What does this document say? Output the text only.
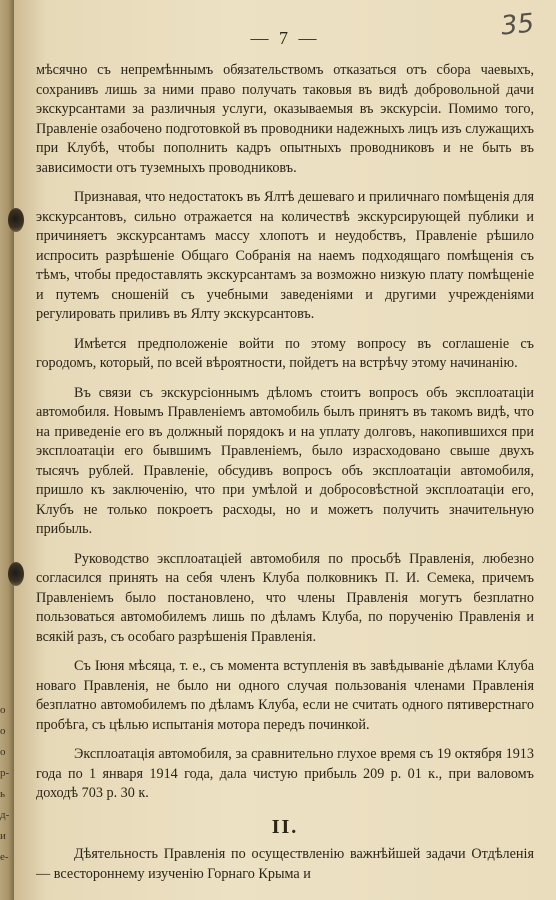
о
о
о
р-
ь
д-
и
е-
— 7 —	35

мѣсячно съ непремѣннымъ обязательствомъ отказаться отъ сбора чаевыхъ, сохранивъ лишь за ними право получать таковыя въ видѣ добровольной дачи экскурсантами за различныя услуги, оказываемыя въ экскурсіи. Помимо того, Правленіе озабочено подготовкой въ проводники надежныхъ лицъ изъ служащихъ при Клубѣ, чтобы пополнить кадръ опытныхъ проводниковъ и не быть въ зависимости отъ туземныхъ проводниковъ.

Признавая, что недостатокъ въ Ялтѣ дешеваго и приличнаго помѣщенія для экскурсантовъ, сильно отражается на количествѣ экскурсирующей публики и причиняетъ экскурсантамъ массу хлопотъ и неудобствъ, Правленіе рѣшило испросить разрѣшеніе Общаго Собранія на наемъ подходящаго помѣщенія съ тѣмъ, чтобы предоставлять экскурсантамъ за возможно низкую плату помѣщеніе и путемъ сношеній съ учебными заведеніями и другими учрежденіями регулировать приливъ въ Ялту экскурсантовъ.

Имѣется предположеніе войти по этому вопросу въ соглашеніе съ городомъ, который, по всей вѣроятности, пойдетъ на встрѣчу этому начинанію.

Въ связи съ экскурсіоннымъ дѣломъ стоитъ вопросъ объ эксплоатаціи автомобиля. Новымъ Правленіемъ автомобиль былъ принятъ въ такомъ видѣ, что на приведеніе его въ должный порядокъ и на уплату долговъ, накопившихся при эксплоатаціи его бывшимъ Правленіемъ, было израсходовано свыше двухъ тысячъ рублей. Правленіе, обсудивъ вопросъ объ эксплоатаціи автомобиля, пришло къ заключенію, что при умѣлой и добросовѣстной эксплоатаціи его, Клубъ не только покроетъ расходы, но и можетъ получить значительную прибыль.

Руководство эксплоатаціей автомобиля по просьбѣ Правленія, любезно согласился принять на себя членъ Клуба полковникъ П. И. Семека, причемъ Правленіемъ было постановлено, что члены Правленія могутъ безплатно пользоваться автомобилемъ лишь по дѣламъ Клуба, по порученію Правленія и всякій разъ, съ особаго разрѣшенія Правленія.

Съ Іюня мѣсяца, т. е., съ момента вступленія въ завѣдываніе дѣлами Клуба новаго Правленія, не было ни одного случая пользованія членами Правленія безплатно автомобилемъ по дѣламъ Клуба, если не считать одного пятиверстнаго пробѣга, съ цѣлью испытанія мотора передъ починкой.

Эксплоатація автомобиля, за сравнительно глухое время съ 19 октября 1913 года по 1 января 1914 года, дала чистую прибыль 209 р. 01 к., при валовомъ доходѣ 703 р. 30 к.

II.

Дѣятельность Правленія по осуществленію важнѣйшей задачи Отдѣленія — всестороннему изученію Горнаго Крыма и
